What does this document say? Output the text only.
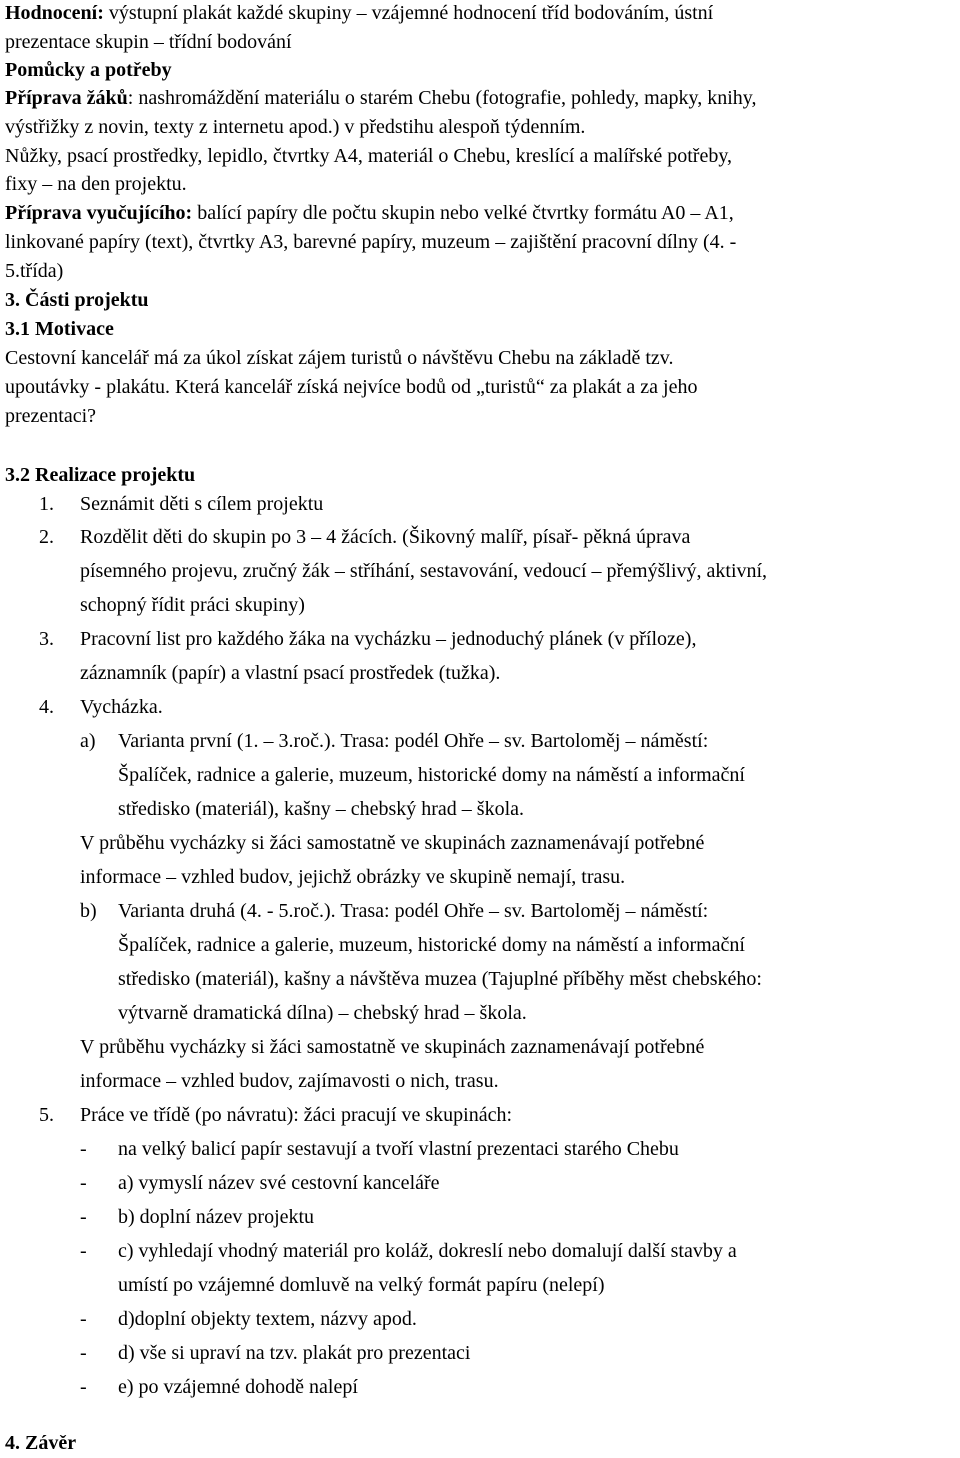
Hodnocení: výstupní plakát každé skupiny – vzájemné hodnocení tříd bodováním, ústní
prezentace skupin – třídní bodování
Pomůcky a potřeby
Příprava žáků: nashromáždění materiálu o starém Chebu (fotografie, pohledy, mapky, knihy,
výstřižky z novin, texty z internetu apod.) v předstihu alespoň týdenním.
Nůžky, psací prostředky, lepidlo, čtvrtky A4, materiál o Chebu, kreslící a malířské potřeby,
fixy – na den projektu.
Příprava vyučujícího: balící papíry dle počtu skupin nebo velké čtvrtky formátu A0 – A1,
linkované papíry (text), čtvrtky A3, barevné papíry, muzeum – zajištění pracovní dílny (4. -
5.třída)
3. Části projektu
3.1 Motivace
Cestovní kancelář má za úkol získat zájem turistů o návštěvu Chebu na základě tzv.
upoutávky - plakátu. Která kancelář získá nejvíce bodů od „turistů“ za plakát a za jeho
prezentaci?
3.2 Realizace projektu
1. Seznámit děti s cílem projektu
2. Rozdělit děti do skupin po 3 – 4 žácích. (Šikovný malíř, písař- pěkná úprava
písemného projevu, zručný žák – stříhání, sestavování, vedoucí – přemýšlivý, aktivní,
schopný řídit práci skupiny)
3. Pracovní list pro každého žáka na vycházku – jednoduchý plánek (v příloze),
záznamník (papír) a vlastní psací prostředek (tužka).
4. Vycházka.
a) Varianta první (1. – 3.roč.). Trasa: podél Ohře – sv. Bartoloměj – náměstí:
Špalíček, radnice a galerie, muzeum, historické domy na náměstí a informační
středisko (materiál), kašny – chebský hrad – škola.
V průběhu vycházky si žáci samostatně ve skupinách zaznamenávají potřebné
informace – vzhled budov, jejichž obrázky ve skupině nemají, trasu.
b) Varianta druhá (4. - 5.roč.). Trasa: podél Ohře – sv. Bartoloměj – náměstí:
Špalíček, radnice a galerie, muzeum, historické domy na náměstí a informační
středisko (materiál), kašny a návštěva muzea (Tajuplné příběhy měst chebského:
výtvarně dramatická dílna) – chebský hrad – škola.
V průběhu vycházky si žáci samostatně ve skupinách zaznamenávají potřebné
informace – vzhled budov, zajímavosti o nich, trasu.
5. Práce ve třídě (po návratu): žáci pracují ve skupinách:
- na velký balicí papír sestavují a tvoří vlastní prezentaci starého Chebu
- a) vymyslí název své cestovní kanceláře
- b) doplní název projektu
- c) vyhledají vhodný materiál pro koláž, dokreslí nebo domalují další stavby a
umístí po vzájemné domluvě na velký formát papíru (nelepí)
- d)doplní objekty textem, názvy apod.
- d) vše si upraví na tzv. plakát pro prezentaci
- e) po vzájemné dohodě nalepí
4. Závěr
